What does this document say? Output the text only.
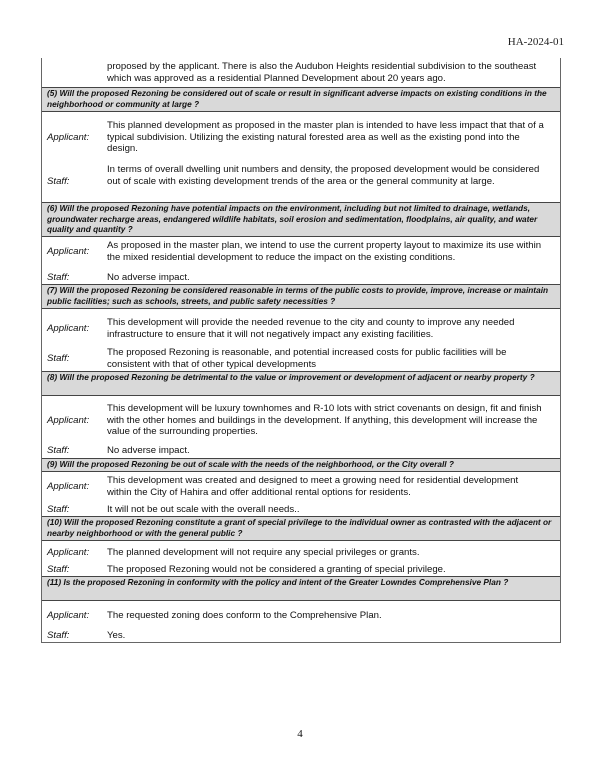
HA-2024-01
proposed by the applicant. There is also the Audubon Heights residential subdivision to the southeast which was approved as a residential Planned Development about 20 years ago.
(5) Will the proposed Rezoning be considered out of scale or result in significant adverse impacts on existing conditions in the neighborhood or community at large ?
Applicant:
This planned development as proposed in the master plan is intended to have less impact that that of a typical subdivision. Utilizing the existing natural forested area as well as the existing pond into the design.
Staff:
In terms of overall dwelling unit numbers and density, the proposed development would be considered out of scale with existing development trends of the area or the general community at large.
(6) Will the proposed Rezoning have potential impacts on the environment, including but not limited to drainage, wetlands, groundwater recharge areas, endangered wildlife habitats, soil erosion and sedimentation, floodplains, air quality, and water quality and quantity ?
Applicant:
As proposed in the master plan, we intend to use the current property layout to maximize its use within the mixed residential development to reduce the impact on the existing conditions.
Staff:	No adverse impact.
(7) Will the proposed Rezoning be considered reasonable in terms of the public costs to provide, improve, increase or maintain public facilities; such as schools, streets, and public safety necessities ?
Applicant:
This development will provide the needed revenue to the city and county to improve any needed infrastructure to ensure that it will not negatively impact any existing facilities.
Staff:
The proposed Rezoning is reasonable, and potential increased costs for public facilities will be consistent with that of other typical developments
(8) Will the proposed Rezoning be detrimental to the value or improvement or development of adjacent or nearby property ?
Applicant:
This development will be luxury townhomes and R-10 lots with strict covenants on design, fit and finish with the other homes and buildings in the development. If anything, this development will increase the value of the surrounding properties.
Staff:	No adverse impact.
(9) Will the proposed Rezoning be out of scale with the needs of the neighborhood, or the City overall ?
Applicant:
This development was created and designed to meet a growing need for residential development within the City of Hahira and offer additional rental options for residents.
Staff:	It will not be out scale with the overall needs..
(10) Will the proposed Rezoning constitute a grant of special privilege to the individual owner as contrasted with the adjacent or nearby neighborhood or with the general public ?
Applicant: The planned development will not require any special privileges or grants.
Staff:	The proposed Rezoning would not be considered a granting of special privilege.
(11) Is the proposed Rezoning in conformity with the policy and intent of the Greater Lowndes Comprehensive Plan ?
Applicant: The requested zoning does conform to the Comprehensive Plan.
Staff:	Yes.
4
